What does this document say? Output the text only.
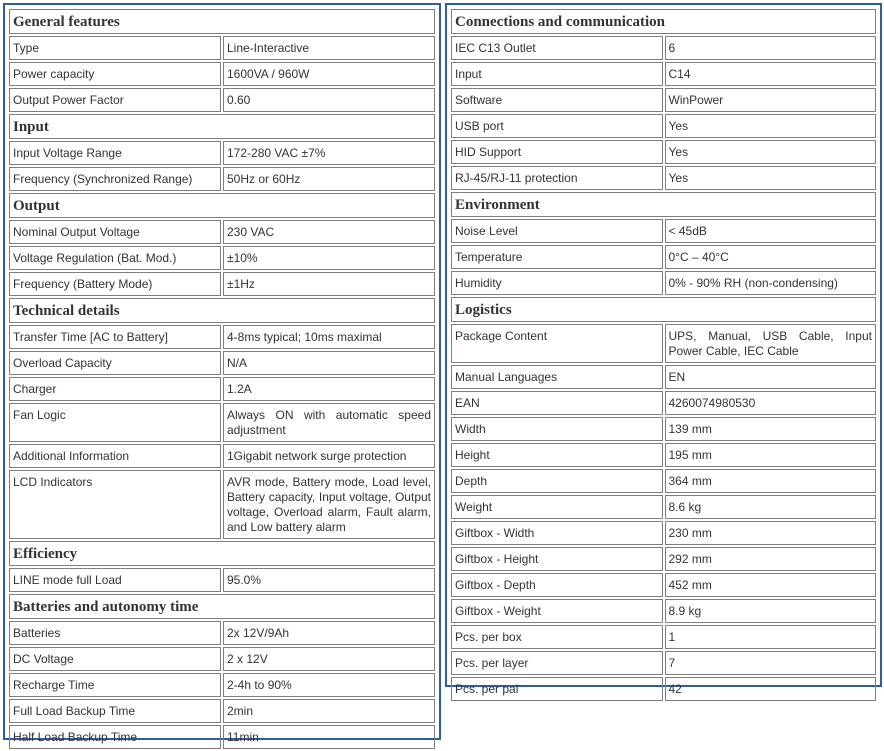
General features	
Type	Line-Interactive
Power capacity	1600VA / 960W
Output Power Factor	0.60
Input	
Input Voltage Range	172-280 VAC ±7%
Frequency (Synchronized Range)	50Hz or 60Hz
Output	
Nominal Output Voltage	230 VAC
Voltage Regulation (Bat. Mod.)	±10%
Frequency (Battery Mode)	±1Hz
Technical details	
Transfer Time [AC to Battery]	4-8ms typical; 10ms maximal
Overload Capacity	N/A
Charger	1.2A
Fan Logic	Always ON with automatic speed adjustment
Additional Information	1Gigabit network surge protection
LCD Indicators	AVR mode, Battery mode, Load level, Battery capacity, Input voltage, Output voltage, Overload alarm, Fault alarm, and Low battery alarm
Efficiency	
LINE mode full Load	95.0%
Batteries and autonomy time	
Batteries	2x 12V/9Ah
DC Voltage	2 x 12V
Recharge Time	2-4h to 90%
Full Load Backup Time	2min
Half Load Backup Time	11min
Connections and communication	
IEC C13 Outlet	6
Input	C14
Software	WinPower
USB port	Yes
HID Support	Yes
RJ-45/RJ-11 protection	Yes
Environment	
Noise Level	< 45dB
Temperature	0°C – 40°C
Humidity	0% - 90% RH (non-condensing)
Logistics	
Package Content	UPS, Manual, USB Cable, Input Power Cable, IEC Cable
Manual Languages	EN
EAN	4260074980530
Width	139 mm
Height	195 mm
Depth	364 mm
Weight	8.6 kg
Giftbox - Width	230 mm
Giftbox - Height	292 mm
Giftbox - Depth	452 mm
Giftbox - Weight	8.9 kg
Pcs. per box	1
Pcs. per layer	7
Pcs. per pal	42
